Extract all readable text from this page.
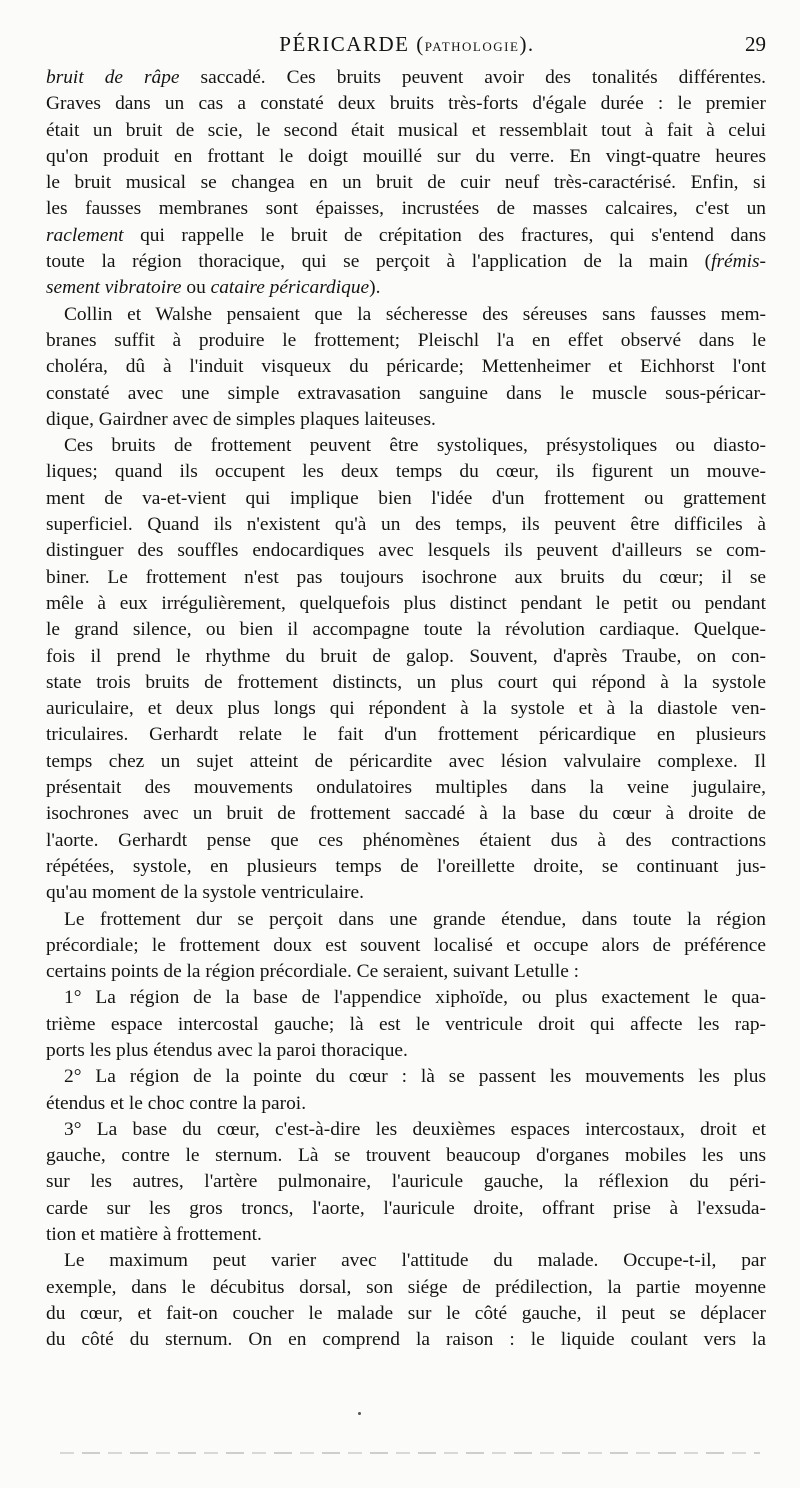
PÉRICARDE (PATHOLOGIE).	29

bruit de râpe saccadé. Ces bruits peuvent avoir des tonalités différentes.

Graves dans un cas a constaté deux bruits très-forts d'égale durée : le premier

était un bruit de scie, le second était musical et ressemblait tout à fait à celui

qu'on produit en frottant le doigt mouillé sur du verre. En vingt-quatre heures

le bruit musical se changea en un bruit de cuir neuf très-caractérisé. Enfin, si

les fausses membranes sont épaisses, incrustées de masses calcaires, c'est un

raclement qui rappelle le bruit de crépitation des fractures, qui s'entend dans

toute la région thoracique, qui se perçoit à l'application de la main (frémis-

sement vibratoire ou cataire péricardique).

Collin et Walshe pensaient que la sécheresse des séreuses sans fausses mem-

branes suffit à produire le frottement; Pleischl l'a en effet observé dans le

choléra, dû à l'induit visqueux du péricarde; Mettenheimer et Eichhorst l'ont

constaté avec une simple extravasation sanguine dans le muscle sous-péricar-

dique, Gairdner avec de simples plaques laiteuses.

Ces bruits de frottement peuvent être systoliques, présystoliques ou diasto-

liques; quand ils occupent les deux temps du cœur, ils figurent un mouve-

ment de va-et-vient qui implique bien l'idée d'un frottement ou grattement

superficiel. Quand ils n'existent qu'à un des temps, ils peuvent être difficiles à

distinguer des souffles endocardiques avec lesquels ils peuvent d'ailleurs se com-

biner. Le frottement n'est pas toujours isochrone aux bruits du cœur; il se

mêle à eux irrégulièrement, quelquefois plus distinct pendant le petit ou pendant

le grand silence, ou bien il accompagne toute la révolution cardiaque. Quelque-

fois il prend le rhythme du bruit de galop. Souvent, d'après Traube, on con-

state trois bruits de frottement distincts, un plus court qui répond à la systole

auriculaire, et deux plus longs qui répondent à la systole et à la diastole ven-

triculaires. Gerhardt relate le fait d'un frottement péricardique en plusieurs

temps chez un sujet atteint de péricardite avec lésion valvulaire complexe. Il

présentait des mouvements ondulatoires multiples dans la veine jugulaire,

isochrones avec un bruit de frottement saccadé à la base du cœur à droite de

l'aorte. Gerhardt pense que ces phénomènes étaient dus à des contractions

répétées, systole, en plusieurs temps de l'oreillette droite, se continuant jus-

qu'au moment de la systole ventriculaire.

Le frottement dur se perçoit dans une grande étendue, dans toute la région

précordiale; le frottement doux est souvent localisé et occupe alors de préférence

certains points de la région précordiale. Ce seraient, suivant Letulle :

1° La région de la base de l'appendice xiphoïde, ou plus exactement le qua-

trième espace intercostal gauche; là est le ventricule droit qui affecte les rap-

ports les plus étendus avec la paroi thoracique.

2° La région de la pointe du cœur : là se passent les mouvements les plus

étendus et le choc contre la paroi.

3° La base du cœur, c'est-à-dire les deuxièmes espaces intercostaux, droit et

gauche, contre le sternum. Là se trouvent beaucoup d'organes mobiles les uns

sur les autres, l'artère pulmonaire, l'auricule gauche, la réflexion du péri-

carde sur les gros troncs, l'aorte, l'auricule droite, offrant prise à l'exsuda-

tion et matière à frottement.

Le maximum peut varier avec l'attitude du malade. Occupe-t-il, par

exemple, dans le décubitus dorsal, son siége de prédilection, la partie moyenne

du cœur, et fait-on coucher le malade sur le côté gauche, il peut se déplacer

du côté du sternum. On en comprend la raison : le liquide coulant vers la
